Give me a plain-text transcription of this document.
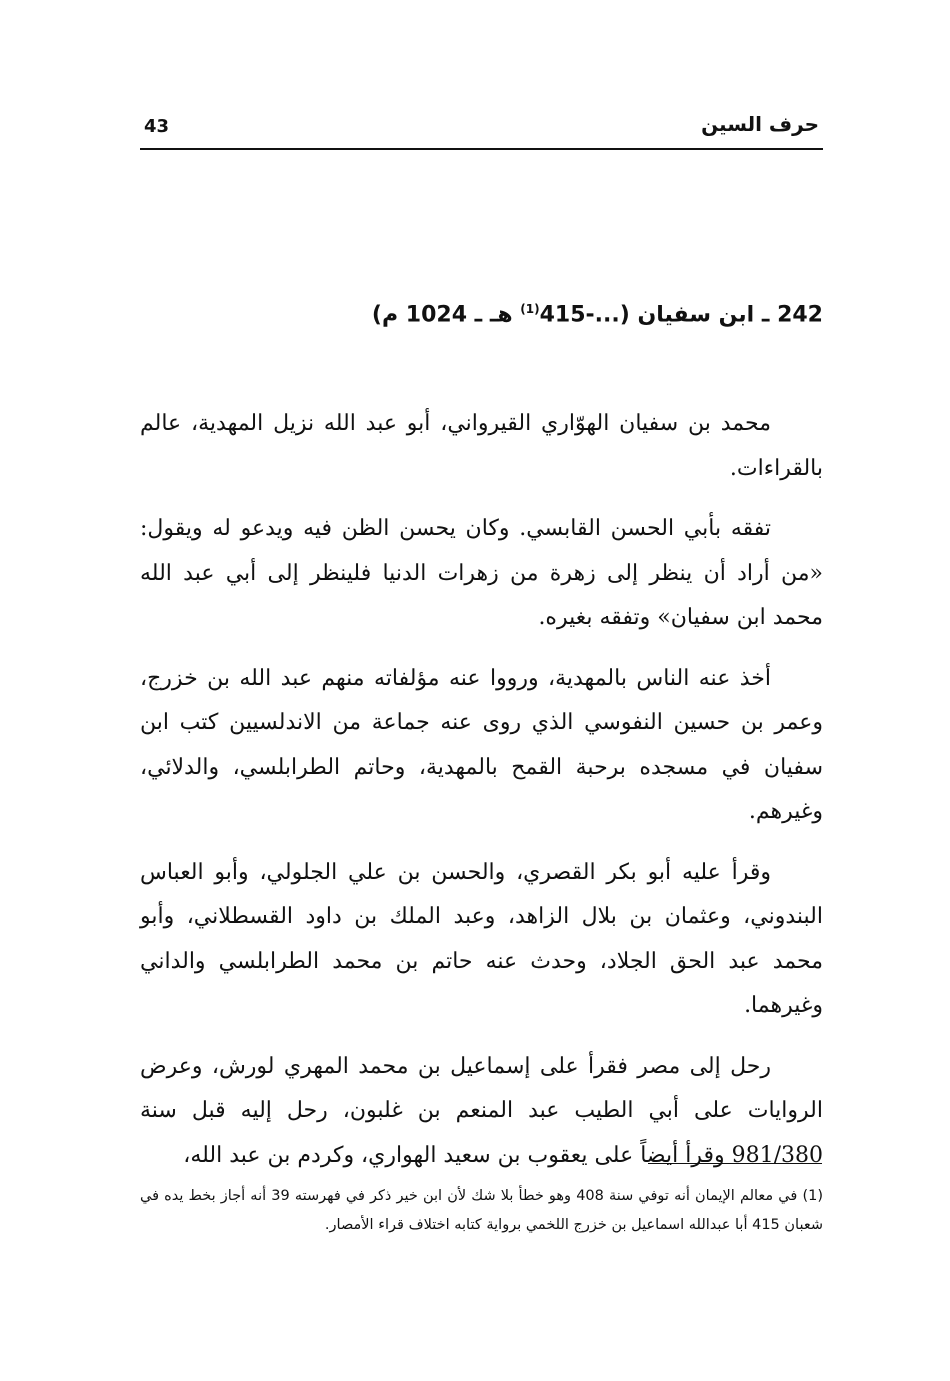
43	حرف السين
242 ـ ابن سفيان (...-415$^{(1)}$ هـ ـ 1024 م)

محمد بن سفيان الهوّاري القيرواني، أبو عبد الله نزيل المهدية، عالم بالقراءات.

تفقه بأبي الحسن القابسي. وكان يحسن الظن فيه ويدعو له ويقول: «من أراد أن ينظر إلى زهرة من زهرات الدنيا فلينظر إلى أبي عبد الله محمد ابن سفيان» وتفقه بغيره.

أخذ عنه الناس بالمهدية، ورووا عنه مؤلفاته منهم عبد الله بن خزرج، وعمر بن حسين النفوسي الذي روى عنه جماعة من الاندلسيين كتب ابن سفيان في مسجده برحبة القمح بالمهدية، وحاتم الطرابلسي، والدلائي، وغيرهم.

وقرأ عليه أبو بكر القصري، والحسن بن علي الجلولي، وأبو العباس البندوني، وعثمان بن بلال الزاهد، وعبد الملك بن داود القسطلاني، وأبو محمد عبد الحق الجلاد، وحدث عنه حاتم بن محمد الطرابلسي والداني وغيرهما.

رحل إلى مصر فقرأ على إسماعيل بن محمد المهري لورش، وعرض الروايات على أبي الطيب عبد المنعم بن غلبون، رحل إليه قبل سنة 981/380 وقرأ أيضاً على يعقوب بن سعيد الهواري، وكردم بن عبد الله،

(1) في معالم الإيمان أنه توفي سنة 408 وهو خطأ بلا شك لأن ابن خير ذكر في فهرسته 39 أنه أجاز بخط يده في شعبان 415 أبا عبدالله اسماعيل بن خزرج اللخمي برواية كتابه اختلاف قراء الأمصار.
